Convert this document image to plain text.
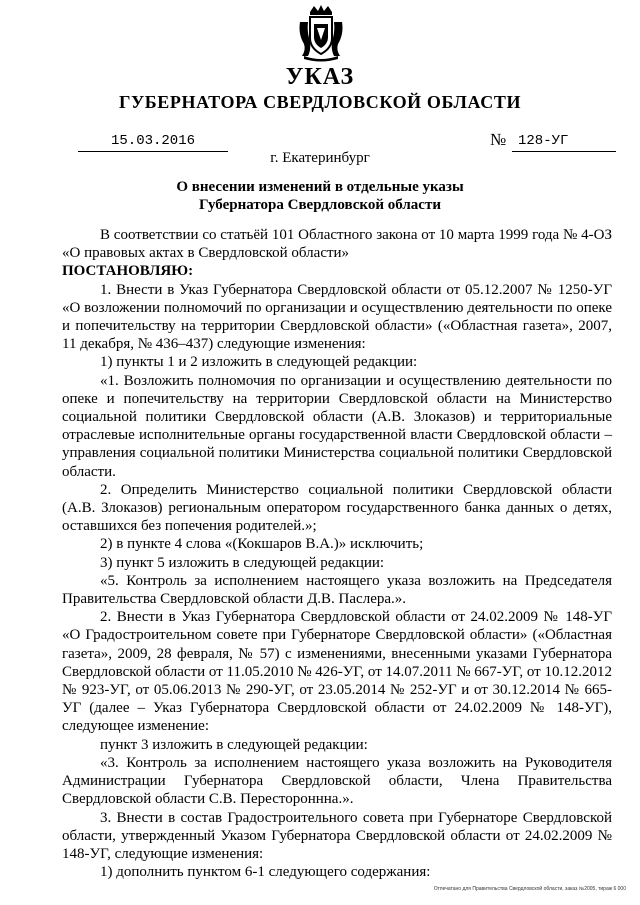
УКАЗ
ГУБЕРНАТОРА СВЕРДЛОВСКОЙ ОБЛАСТИ
15.03.2016	№ 128-УГ
г. Екатеринбург
О внесении изменений в отдельные указы
Губернатора Свердловской области

В соответствии со статьёй 101 Областного закона от 10 марта 1999 года № 4-ОЗ «О правовых актах в Свердловской области»

ПОСТАНОВЛЯЮ:

1. Внести в Указ Губернатора Свердловской области от 05.12.2007 № 1250-УГ «О возложении полномочий по организации и осуществлению деятельности по опеке и попечительству на территории Свердловской области» («Областная газета», 2007, 11 декабря, № 436–437) следующие изменения:

1) пункты 1 и 2 изложить в следующей редакции:

«1. Возложить полномочия по организации и осуществлению деятельности по опеке и попечительству на территории Свердловской области на Министерство социальной политики Свердловской области (А.В. Злоказов) и территориальные отраслевые исполнительные органы государственной власти Свердловской области – управления социальной политики Министерства социальной политики Свердловской области.

2. Определить Министерство социальной политики Свердловской области (А.В. Злоказов) региональным оператором государственного банка данных о детях, оставшихся без попечения родителей.»;

2) в пункте 4 слова «(Кокшаров В.А.)» исключить;

3) пункт 5 изложить в следующей редакции:

«5. Контроль за исполнением настоящего указа возложить на Председателя Правительства Свердловской области Д.В. Паслера.».

2. Внести в Указ Губернатора Свердловской области от 24.02.2009 № 148-УГ «О Градостроительном совете при Губернаторе Свердловской области» («Областная газета», 2009, 28 февраля, № 57) с изменениями, внесенными указами Губернатора Свердловской области от 11.05.2010 № 426-УГ, от 14.07.2011 № 667-УГ, от 10.12.2012 № 923-УГ, от 05.06.2013 № 290-УГ, от 23.05.2014 № 252-УГ и от 30.12.2014 № 665-УГ (далее – Указ Губернатора Свердловской области от 24.02.2009 № 148-УГ), следующее изменение:

пункт 3 изложить в следующей редакции:

«3. Контроль за исполнением настоящего указа возложить на Руководителя Администрации Губернатора Свердловской области, Члена Правительства Свердловской области С.В. Перестороннна.».

3. Внести в состав Градостроительного совета при Губернаторе Свердловской области, утвержденный Указом Губернатора Свердловской области от 24.02.2009 № 148-УГ, следующие изменения:

1) дополнить пунктом 6-1 следующего содержания:

Отпечатано для Правительства Свердловской области, заказ №2005, тираж 6 000
